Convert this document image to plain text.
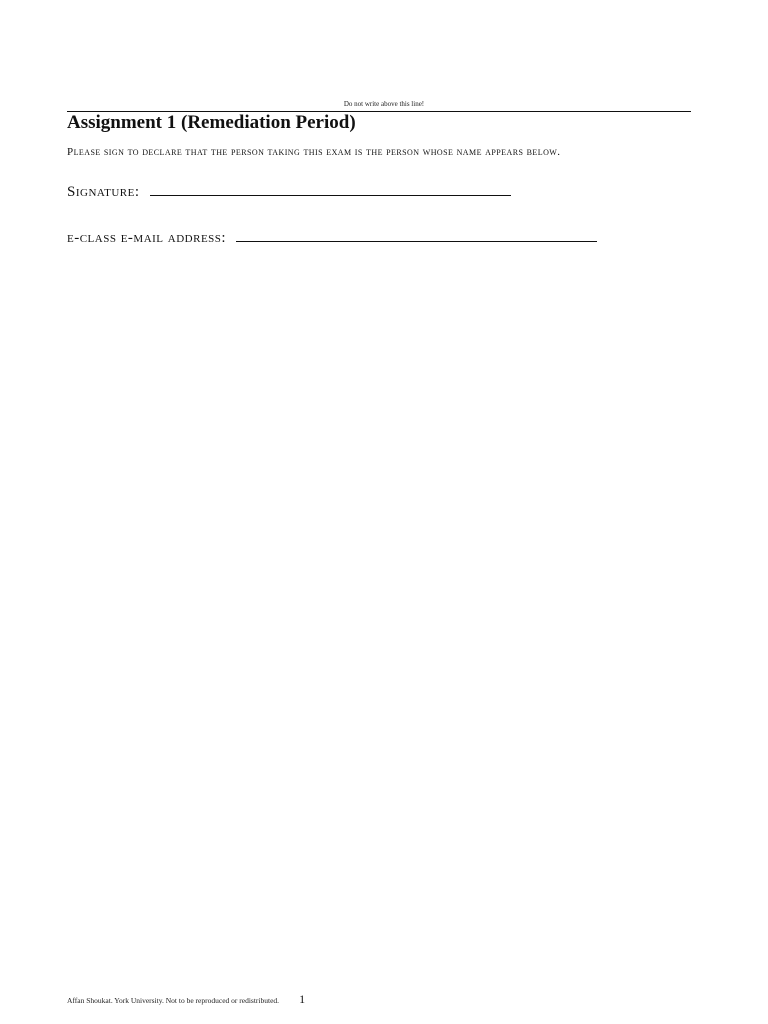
Do not write above this line!
Assignment 1 (Remediation Period)
Please sign to declare that the person taking this exam is the person whose name appears below.
Signature:
e-class e-mail address:
Affan Shoukat. York University. Not to be reproduced or redistributed. 1
